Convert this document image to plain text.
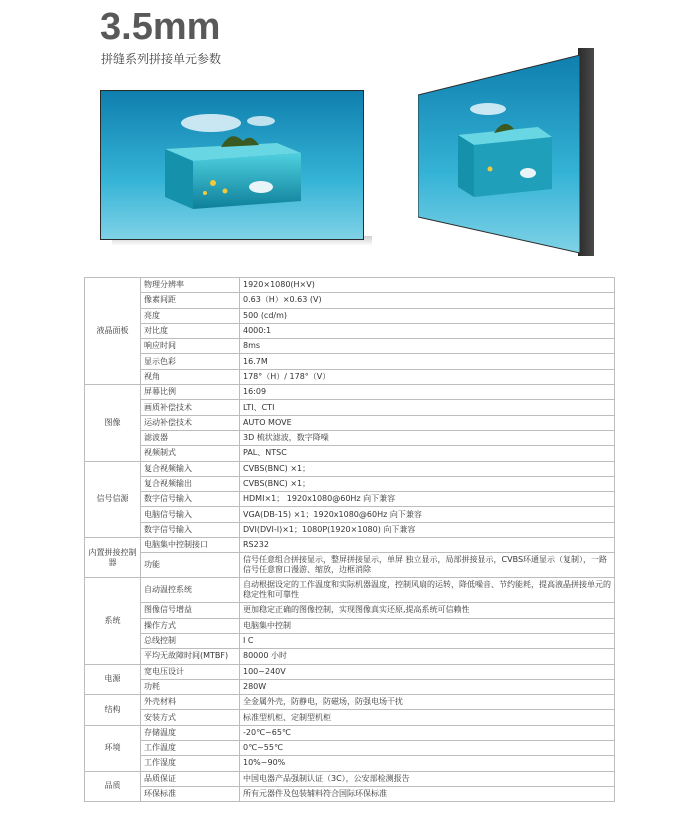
3.5mm
拼缝系列拼接单元参数
液晶面板	物理分辨率	1920×1080(H×V)
	像素间距	0.63（H）×0.63 (V)
	亮度	500 (cd/m)
	对比度	4000:1
	响应时间	8ms
	显示色彩	16.7M
	视角	178°（H）/ 178°（V）
图像	屏幕比例	16:09
	画质补偿技术	LTI、CTI
	运动补偿技术	AUTO MOVE
	滤波器	3D 梳状滤波，数字降噪
	视频制式	PAL、NTSC
信号信源	复合视频输入	CVBS(BNC) ×1；
	复合视频输出	CVBS(BNC) ×1；
	数字信号输入	HDMI×1； 1920x1080@60Hz 向下兼容
	电脑信号输入	VGA(DB-15) ×1；1920x1080@60Hz 向下兼容
	数字信号输入	DVI(DVI-I)×1；1080P(1920×1080) 向下兼容
内置拼接控制器	电脑集中控制接口	RS232
	功能	信号任意组合拼接显示，整屏拼接显示，单屏 独立显示，局部拼接显示，CVBS环通显示（复制），一路信号任意窗口漫游、缩放，边框消除
系统	自动温控系统	自动根据设定的工作温度和实际机器温度，控制风扇的运转，降低噪音、节约能耗，提高液晶拼接单元的稳定性和可靠性
	图像信号增益	更加稳定正确的图像控制，实现图像真实还原,提高系统可信赖性
	操作方式	电脑集中控制
	总线控制	I C
	平均无故障时间(MTBF)	80000 小时
电源	宽电压设计	100~240V
	功耗	280W
结构	外壳材料	全金属外壳，防静电，防磁场，防强电场干扰
	安装方式	标准型机柜、定制型机柜
环境	存储温度	-20℃~65℃
	工作温度	0℃~55℃
	工作湿度	10%~90%
品质	品质保证	中国电器产品强制认证（3C），公安部检测报告
	环保标准	所有元器件及包装辅料符合国际环保标准
